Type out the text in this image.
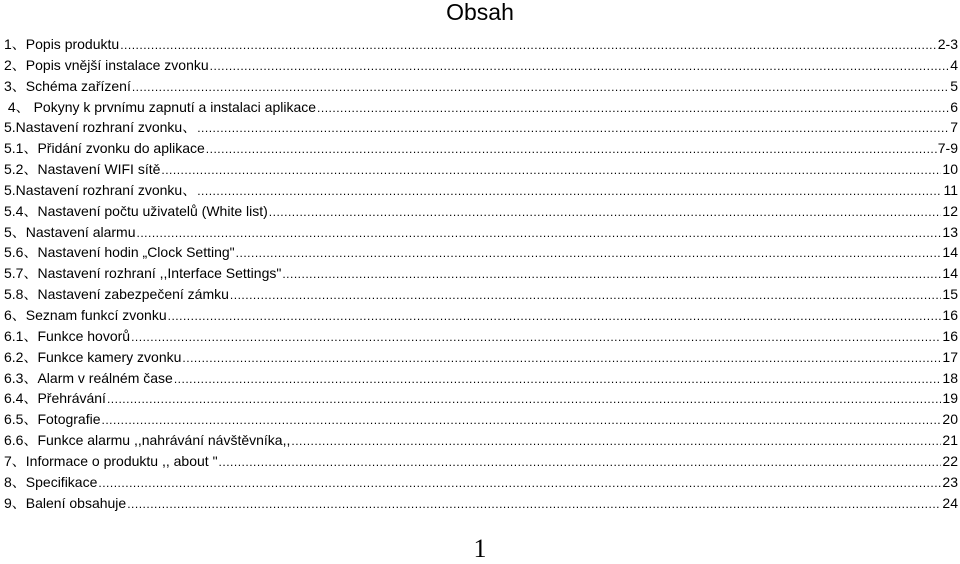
Obsah
1、Popis produktu .....	2-3
2、Popis vnější instalace zvonku .....	4
3、Schéma zařízení .....	5
4、 Pokyny k prvnímu zapnutí a instalaci aplikace .....	6
5.Nastavení rozhraní zvonku、 .....	7
5.1、Přidání zvonku do aplikace .....	7-9
5.2、Nastavení WIFI sítě .....	10
5.Nastavení rozhraní zvonku、 .....	11
5.4、Nastavení počtu uživatelů (White list) .....	12
5、Nastavení alarmu .....	13
5.6、Nastavení hodin „Clock Setting" .....	14
5.7、Nastavení rozhraní ,,Interface Settings" .....	14
5.8、Nastavení zabezpečení zámku .....	15
6、Seznam funkcí zvonku .....	16
6.1、Funkce hovorů .....	16
6.2、Funkce kamery zvonku .....	17
6.3、Alarm v reálném čase .....	18
6.4、Přehrávání .....	19
6.5、Fotografie .....	20
6.6、Funkce alarmu ,,nahrávání návštěvníka,, .....	21
7、Informace o produktu ,, about " .....	22
8、Specifikace .....	23
9、Balení obsahuje .....	24
1
